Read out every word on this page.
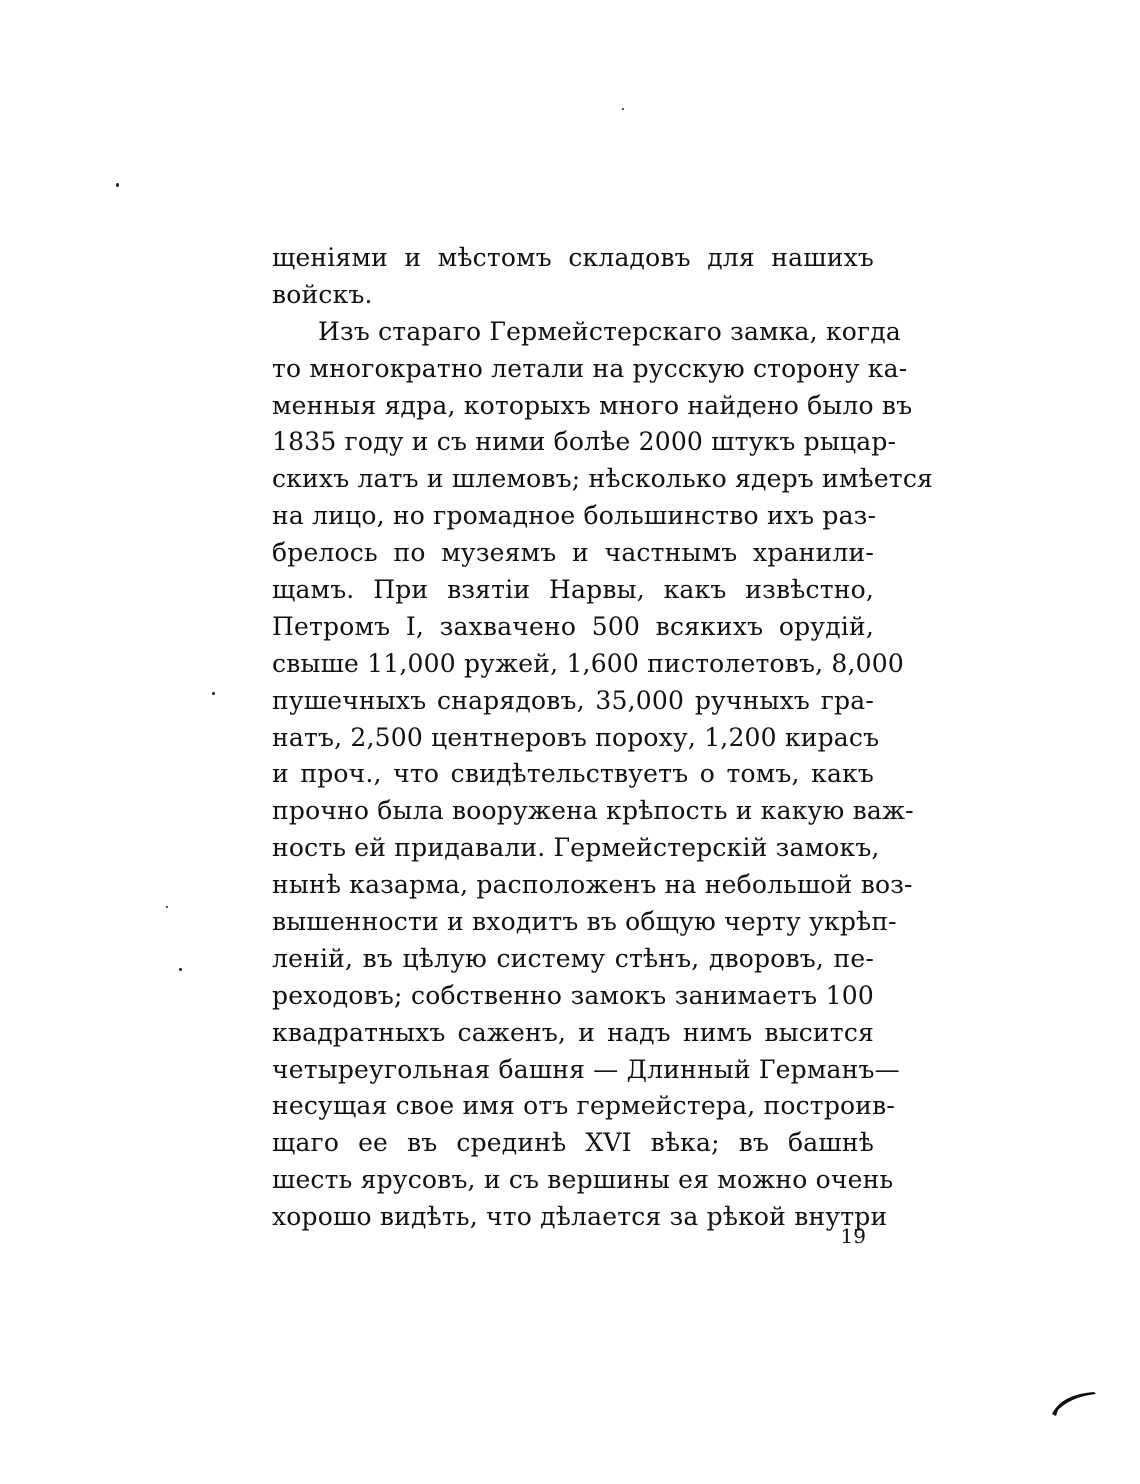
щеніями и мѣстомъ складовъ для нашихъ
войскъ.
Изъ стараго Гермейстерскаго замка, когда
то многократно летали на русскую сторону ка-
менныя ядра, которыхъ много найдено было въ
1835 году и съ ними болѣе 2000 штукъ рыцар-
скихъ латъ и шлемовъ; нѣсколько ядеръ имѣется
на лицо, но громадное большинство ихъ раз-
брелось по музеямъ и частнымъ хранили-
щамъ. При взятіи Нарвы, какъ извѣстно,
Петромъ I, захвачено 500 всякихъ орудій,
свыше 11,000 ружей, 1,600 пистолетовъ, 8,000
пушечныхъ снарядовъ, 35,000 ручныхъ гра-
натъ, 2,500 центнеровъ пороху, 1,200 кирасъ
и проч., что свидѣтельствуетъ о томъ, какъ
прочно была вооружена крѣпость и какую важ-
ность ей придавали. Гермейстерскій замокъ,
нынѣ казарма, расположенъ на небольшой воз-
вышенности и входитъ въ общую черту укрѣп-
леній, въ цѣлую систему стѣнъ, дворовъ, пе-
реходовъ; собственно замокъ занимаетъ 100
квадратныхъ саженъ, и надъ нимъ высится
четыреугольная башня — Длинный Германъ—
несущая свое имя отъ гермейстера, построив-
щаго ее въ срединѣ XVI вѣка; въ башнѣ
шесть ярусовъ, и съ вершины ея можно очень
хорошо видѣть, что дѣлается за рѣкой внутри
19
